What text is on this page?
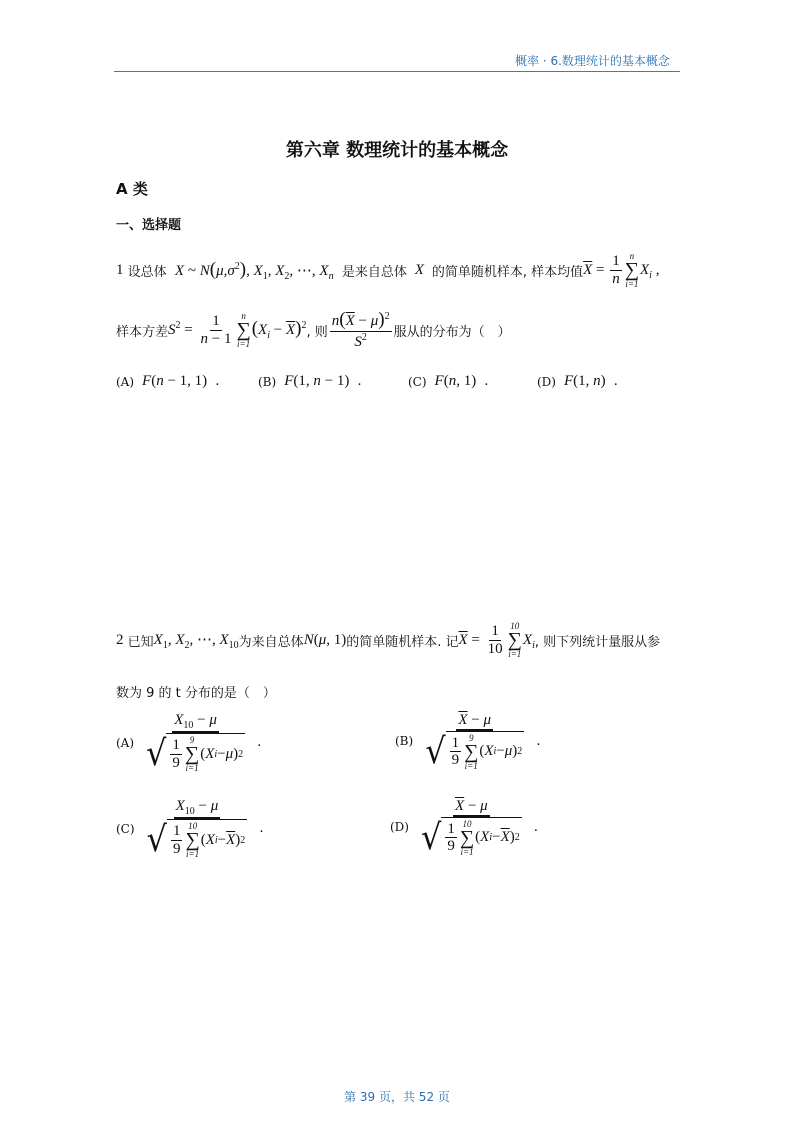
概率 · 6.数理统计的基本概念
第六章 数理统计的基本概念
A 类
一、选择题
1
设总体
X ~ $N(\mu,\sigma^2)$, $X_1$, $X_2$, ⋯, $X_n$
是来自总体
X
的简单随机样本, 样本均值 $\overline{X} = \frac{1}{n}$ n
∑
i=1
$X_i$ ,
样本方差 $S^2 = \frac{1}{n - 1}$ n
∑
i=1
$(X_i - \overline{X})^2$ , 则 $\frac{n(\overline{X} - \mu)^2}{S^2}$ 服从的分布为（　）
(A) F(n − 1, 1)
.	(B) F(1, n − 1)
.	(C) F(n, 1)
.	(D) F(1, n)
.
2
已知 $X_1$, $X_2$, ⋯, $X_{10}$ 为来自总体 N(μ, 1) 的简单随机样本. 记 $\overline{X} = \frac{1}{10} 10$
∑
i=1
$X_i$ , 则下列统计量服从参
数为 9 的 t 分布的是（　）
(A) $X_{10} - \mu$
√ $\frac{1}{9} 9$
∑
i=1
( X i − μ ) 2
.	(B) $\overline{X} - \mu$
√ $\frac{1}{9} 9$
∑
i=1
( X i − μ ) 2
.
(C) $X_{10} - \mu$
√ $\frac{1}{9} 10$
∑
i=1
( X $i - \overline{X}$ ) 2
.	(D) $\overline{X} - \mu$
√ $\frac{1}{9} 10$
∑
i=1
( X $i - \overline{X}$ ) 2
.
第 39 页，共 52 页
